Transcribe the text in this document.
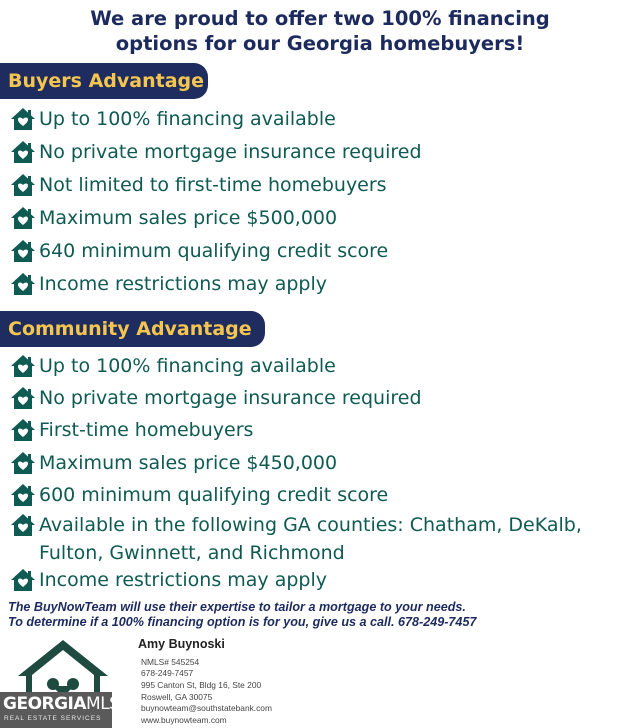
We are proud to offer two 100% financing
options for our Georgia homebuyers!
Buyers Advantage
Up to 100% financing available
No private mortgage insurance required
Not limited to first-time homebuyers
Maximum sales price $500,000
640 minimum qualifying credit score
Income restrictions may apply
Community Advantage
Up to 100% financing available
No private mortgage insurance required
First-time homebuyers
Maximum sales price $450,000
600 minimum qualifying credit score
Available in the following GA counties: Chatham, DeKalb, Fulton, Gwinnett, and Richmond
Income restrictions may apply
The BuyNowTeam will use their expertise to tailor a mortgage to your needs.
To determine if a 100% financing option is for you, give us a call. 678-249-7457
GEORGIAMLS
REAL ESTATE SERVICES
Amy Buynoski
NMLS# 545254
678-249-7457
995 Canton St, Bldg 16, Ste 200
Roswell, GA 30075
buynowteam@southstatebank.com
www.buynowteam.com
